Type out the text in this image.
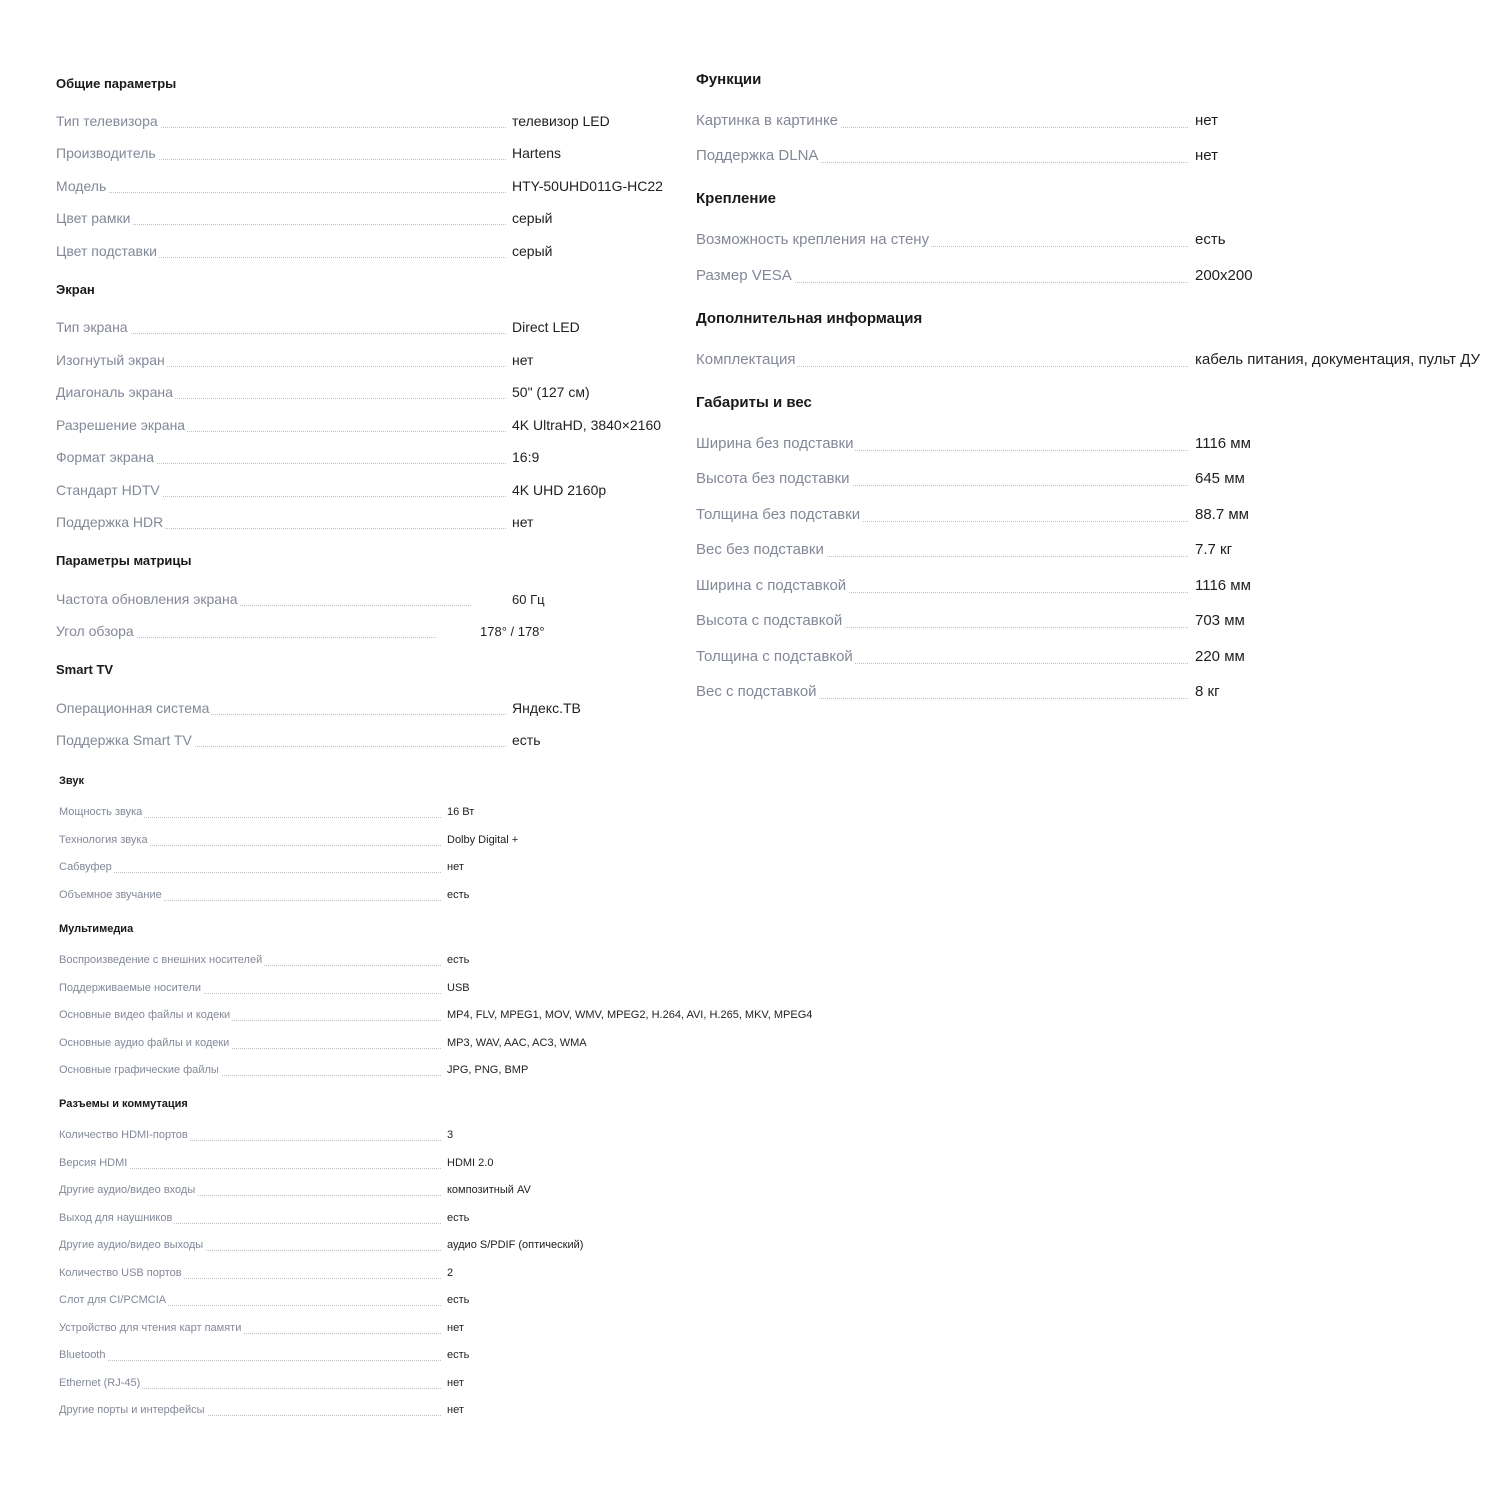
Общие параметры
Тип телевизора	телевизор LED
Производитель	Hartens
Модель	HTY-50UHD011G-HC22
Цвет рамки	серый
Цвет подставки	серый
Экран
Тип экрана	Direct LED
Изогнутый экран	нет
Диагональ экрана	50" (127 см)
Разрешение экрана	4K UltraHD, 3840×2160
Формат экрана	16:9
Стандарт HDTV	4K UHD 2160p
Поддержка HDR	нет
Параметры матрицы
Частота обновления экрана	60 Гц
Угол обзора	178° / 178°
Smart TV
Операционная система	Яндекс.ТВ
Поддержка Smart TV	есть
Функции
Картинка в картинке	нет
Поддержка DLNA	нет
Крепление
Возможность крепления на стену	есть
Размер VESA	200x200
Дополнительная информация
Комплектация	кабель питания, документация, пульт ДУ
Габариты и вес
Ширина без подставки	1116 мм
Высота без подставки	645 мм
Толщина без подставки	88.7 мм
Вес без подставки	7.7 кг
Ширина с подставкой	1116 мм
Высота с подставкой	703 мм
Толщина с подставкой	220 мм
Вес с подставкой	8 кг
Звук
Мощность звука	16 Вт
Технология звука	Dolby Digital +
Сабвуфер	нет
Объемное звучание	есть
Мультимедиа
Воспроизведение с внешних носителей	есть
Поддерживаемые носители	USB
Основные видео файлы и кодеки	MP4, FLV, MPEG1, MOV, WMV, MPEG2, H.264, AVI, H.265, MKV, MPEG4
Основные аудио файлы и кодеки	MP3, WAV, AAC, AC3, WMA
Основные графические файлы	JPG, PNG, BMP
Разъемы и коммутация
Количество HDMI-портов	3
Версия HDMI	HDMI 2.0
Другие аудио/видео входы	композитный AV
Выход для наушников	есть
Другие аудио/видео выходы	аудио S/PDIF (оптический)
Количество USB портов	2
Слот для CI/PCMCIA	есть
Устройство для чтения карт памяти	нет
Bluetooth	есть
Ethernet (RJ-45)	нет
Другие порты и интерфейсы	нет
